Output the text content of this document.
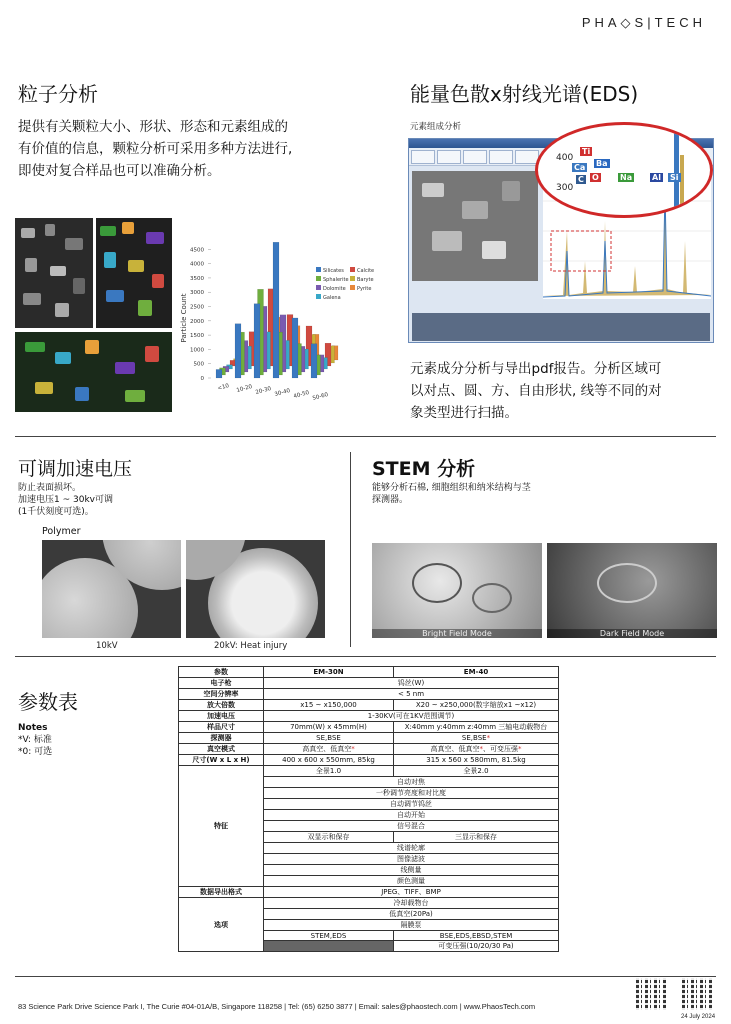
PHA◇S|TECH
粒子分析
提供有关颗粒大小、形状、形态和元素组成的
有价值的信息，颗粒分析可采用多种方法进行,
即使对复合样品也可以准确分析。
0
500
1000
1500
2000
2500
3000
3500
4000
4500
Particle Count
<10 10-20 20-30 30-40 40-50 50-60
Silicates
Sphalerite
Dolomite
Galena
Calcite
Baryte
Pyrite
能量色散x射线光谱(EDS)
元素组成分析
400
300
Ti
Ca Ba
C O	Na Al Si
元素成分分析与导出pdf报告。分析区域可
以对点、圆、方、自由形状, 线等不同的对
象类型进行扫描。
可调加速电压
防止表面损坏。
加速电压1 ~ 30kv可调
(1千伏刻度可选)。
Polymer
10kV	20kV: Heat injury
STEM 分析
能够分析石棉, 细胞组织和纳米结构与茎
探测器。
Bright Field Mode	Dark Field Mode
参数表
Notes
*V: 标准
*0: 可选
参数	EM-30N	EM-40
电子枪	钨丝(W)	
空间分辨率	< 5 nm	
放大倍数	x15 ~ x150,000	X20 ~ x250,000(数字缩放x1 ~x12)
加速电压	1-30KV(可在1KV范围调节)	
样品尺寸	70mm(W) x 45mm(H)	X:40mm y:40mm z:40mm 三轴电动载物台
探测器	SE,BSE	SE,BSE*
真空模式	高真空、低真空*	高真空、低真空*、可变压强*
尺寸(W x L x H)	400 x 600 x 550mm, 85kg	315 x 560 x 580mm, 81.5kg
特征	全景1.0	全景2.0
	自动对焦	
	一秒调节亮度和对比度	
	自动调节钨丝	
	自动开始	
	信号混合	
	双显示和保存	三显示和保存
	线谱轮廓	
	图像滤波	
	线侧量	
	颜色测量	
数据导出格式	JPEG、TIFF、BMP	
选项	冷却载物台	
	低真空(20Pa)	
	隔膜泵	
	STEM,EDS	BSE,EDS,EBSD,STEM
		可变压强(10/20/30 Pa)
83 Science Park Drive Science Park I, The Curie #04-01A/B, Singapore 118258 | Tel: (65) 6250 3877 | Email: sales@phaostech.com | www.PhaosTech.com
24 July 2024
